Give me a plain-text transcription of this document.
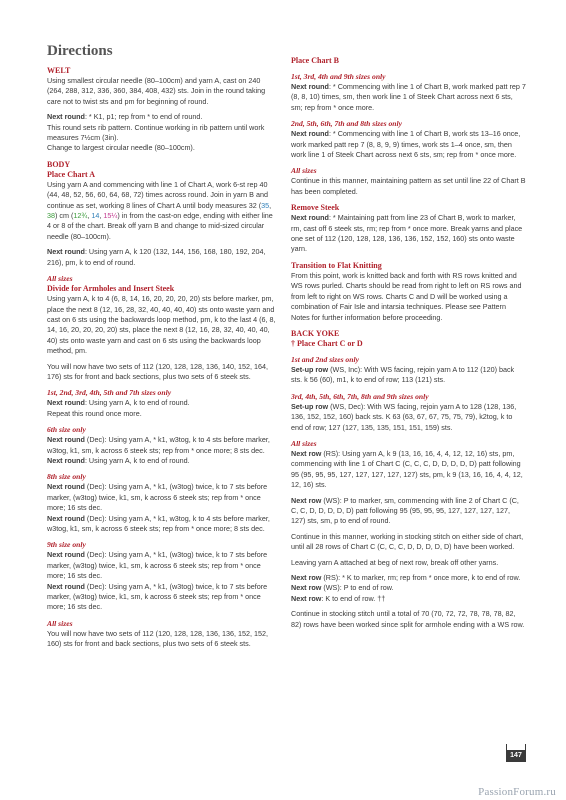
Directions
WELT

Using smallest circular needle (80–100cm) and yarn A, cast on 240 (264, 288, 312, 336, 360, 384, 408, 432) sts. Join in the round taking care not to twist sts and pm for beginning of round.

Next round: * K1, p1; rep from * to end of round.

This round sets rib pattern. Continue working in rib pattern until work measures 7½cm (3in).

Change to largest circular needle (80–100cm).

BODY
Place Chart A

Using yarn A and commencing with line 1 of Chart A, work 6-st rep 40 (44, 48, 52, 56, 60, 64, 68, 72) times across round. Join in yarn B and continue as set, working 8 lines of Chart A until body measures 32 (35, 38) cm (12¾, 14, 15¼) in from the cast-on edge, ending with either line 4 or 8 of the chart. Break off yarn B and change to mid-sized circular needle (80–100cm).

Next round: Using yarn A, k 120 (132, 144, 156, 168, 180, 192, 204, 216), pm, k to end of round.

All sizes
Divide for Armholes and Insert Steek

Using yarn A, k to 4 (6, 8, 14, 16, 20, 20, 20, 20) sts before marker, pm, place the next 8 (12, 16, 28, 32, 40, 40, 40, 40) sts onto waste yarn and cast on 6 sts using the backwards loop method, pm, k to the last 4 (6, 8, 14, 16, 20, 20, 20, 20) sts, place the next 8 (12, 16, 28, 32, 40, 40, 40, 40) sts onto waste yarn and cast on 6 sts using the backwards loop method, pm.

You will now have two sets of 112 (120, 128, 128, 136, 140, 152, 164, 176) sts for front and back sections, plus two sets of 6 steek sts.

1st, 2nd, 3rd, 4th, 5th and 7th sizes only

Next round: Using yarn A, k to end of round.

Repeat this round once more.

6th size only

Next round (Dec): Using yarn A, * k1, w3tog, k to 4 sts before marker, w3tog, k1, sm, k across 6 steek sts; rep from * once more; 8 sts dec.

Next round: Using yarn A, k to end of round.

8th size only

Next round (Dec): Using yarn A, * k1, (w3tog) twice, k to 7 sts before marker, (w3tog) twice, k1, sm, k across 6 steek sts; rep from * once more; 16 sts dec.

Next round (Dec): Using yarn A, * k1, w3tog, k to 4 sts before marker, w3tog, k1, sm, k across 6 steek sts; rep from * once more; 8 sts dec.

9th size only

Next round (Dec): Using yarn A, * k1, (w3tog) twice, k to 7 sts before marker, (w3tog) twice, k1, sm, k across 6 steek sts; rep from * once more; 16 sts dec.

Next round (Dec): Using yarn A, * k1, (w3tog) twice, k to 7 sts before marker, (w3tog) twice, k1, sm, k across 6 steek sts; rep from * once more; 16 sts dec.

All sizes

You will now have two sets of 112 (120, 128, 128, 136, 136, 152, 152, 160) sts for front and back sections, plus two sets of 6 steek sts.

Place Chart B
1st, 3rd, 4th and 9th sizes only

Next round: * Commencing with line 1 of Chart B, work marked patt rep 7 (8, 8, 10) times, sm, then work line 1 of Steek Chart across next 6 sts, sm; rep from * once more.

2nd, 5th, 6th, 7th and 8th sizes only

Next round: * Commencing with line 1 of Chart B, work sts 13–16 once, work marked patt rep 7 (8, 8, 9, 9) times, work sts 1–4 once, sm, then work line 1 of Steek Chart across next 6 sts, sm; rep from * once more.

All sizes

Continue in this manner, maintaining pattern as set until line 22 of Chart B has been completed.

Remove Steek

Next round: * Maintaining patt from line 23 of Chart B, work to marker, rm, cast off 6 steek sts, rm; rep from * once more. Break yarns and place one set of 112 (120, 128, 128, 136, 136, 152, 152, 160) sts onto waste yarn.

Transition to Flat Knitting

From this point, work is knitted back and forth with RS rows knitted and WS rows purled. Charts should be read from right to left on RS rows and from left to right on WS rows. Charts C and D will be worked using a combination of Fair Isle and intarsia techniques. Please see Pattern Notes for further information before proceeding.

BACK YOKE
† Place Chart C or D
1st and 2nd sizes only

Set-up row (WS, Inc): With WS facing, rejoin yarn A to 112 (120) back sts. k 56 (60), m1, k to end of row; 113 (121) sts.

3rd, 4th, 5th, 6th, 7th, 8th and 9th sizes only

Set-up row (WS, Dec): With WS facing, rejoin yarn A to 128 (128, 136, 136, 152, 152, 160) back sts. K 63 (63, 67, 67, 75, 75, 79), k2tog, k to end of row; 127 (127, 135, 135, 151, 151, 159) sts.

All sizes

Next row (RS): Using yarn A, k 9 (13, 16, 16, 4, 4, 12, 12, 16) sts, pm, commencing with line 1 of Chart C (C, C, C, D, D, D, D, D) patt following 95 (95, 95, 95, 127, 127, 127, 127, 127) sts, pm, k 9 (13, 16, 16, 4, 4, 12, 12, 16) sts.

Next row (WS): P to marker, sm, commencing with line 2 of Chart C (C, C, C, D, D, D, D, D) patt following 95 (95, 95, 95, 127, 127, 127, 127, 127) sts, sm, p to end of round.

Continue in this manner, working in stocking stitch on either side of chart, until all 28 rows of Chart C (C, C, C, D, D, D, D, D) have been worked.

Leaving yarn A attached at beg of next row, break off other yarns.

Next row (RS): * K to marker, rm; rep from * once more, k to end of row.

Next row (WS): P to end of row.

Next row: K to end of row. ††

Continue in stocking stitch until a total of 70 (70, 72, 72, 78, 78, 78, 82, 82) rows have been worked since split for armhole ending with a WS row.

147
PassionForum.ru
